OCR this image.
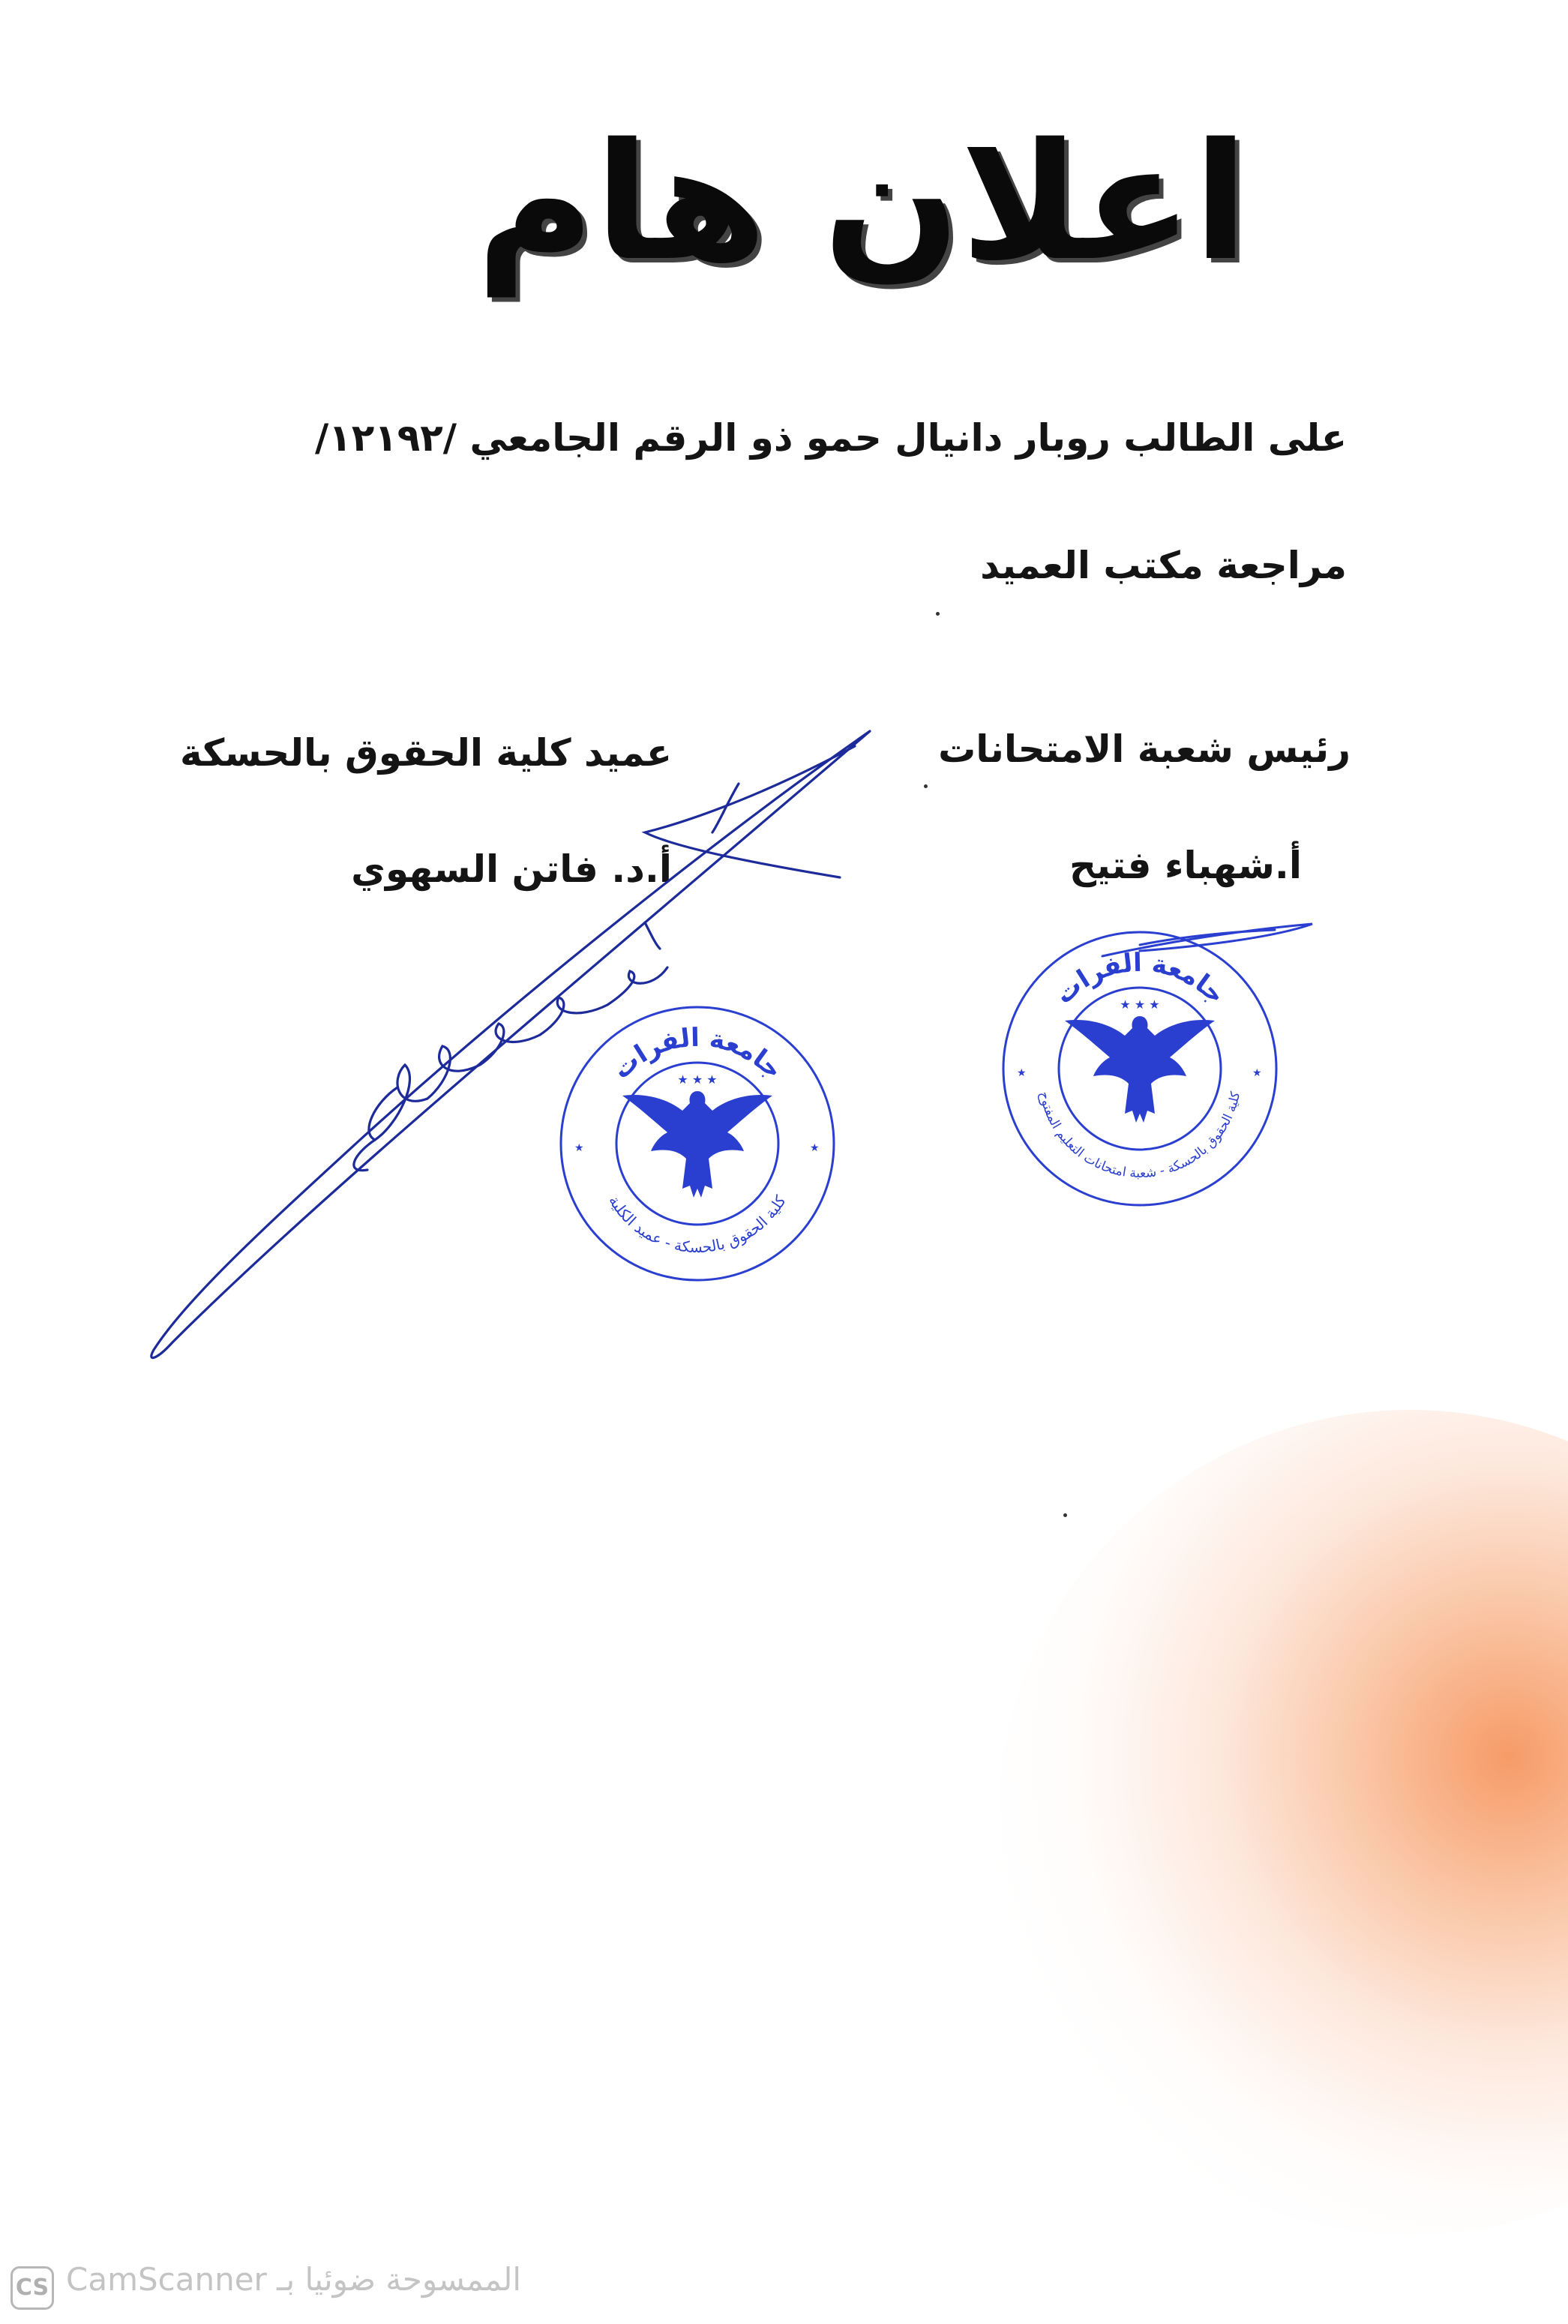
اعلان هام
على الطالب روبار دانيال حمو ذو الرقم الجامعي /١٢١٩٢/
مراجعة مكتب العميد
رئيس شعبة الامتحانات
عميد كلية الحقوق بالحسكة
أ.شهباء فتيح
أ.د. فاتن السهوي
جامعة الفرات
كلية الحقوق بالحسكة - عميد الكلية
★ ★ ★
★	★
جامعة الفرات
كلية الحقوق بالحسكة - شعبة امتحانات التعليم المفتوح
★ ★ ★
★	★
CS الممسوحة ضوئيا بـ CamScanner
